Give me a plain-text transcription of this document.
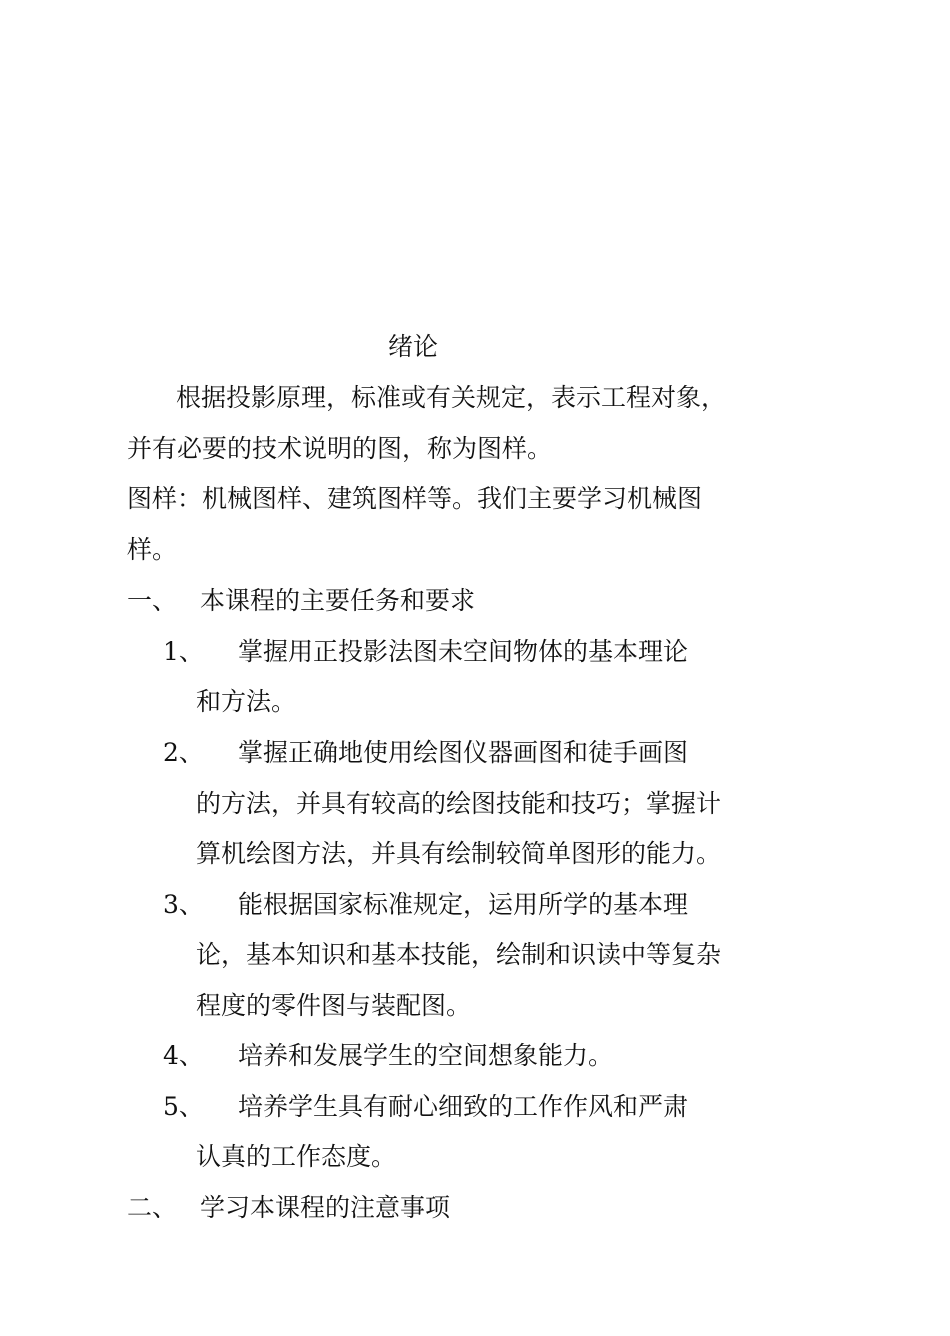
绪论
根据投影原理，标准或有关规定，表示工程对象，
并有必要的技术说明的图，称为图样。
图样：机械图样、建筑图样等。我们主要学习机械图
样。
一、 本课程的主要任务和要求
1、 掌握用正投影法图未空间物体的基本理论
和方法。
2、 掌握正确地使用绘图仪器画图和徒手画图
的方法，并具有较高的绘图技能和技巧；掌握计
算机绘图方法，并具有绘制较简单图形的能力。
3、 能根据国家标准规定，运用所学的基本理
论，基本知识和基本技能，绘制和识读中等复杂
程度的零件图与装配图。
4、 培养和发展学生的空间想象能力。
5、 培养学生具有耐心细致的工作作风和严肃
认真的工作态度。
二、 学习本课程的注意事项
